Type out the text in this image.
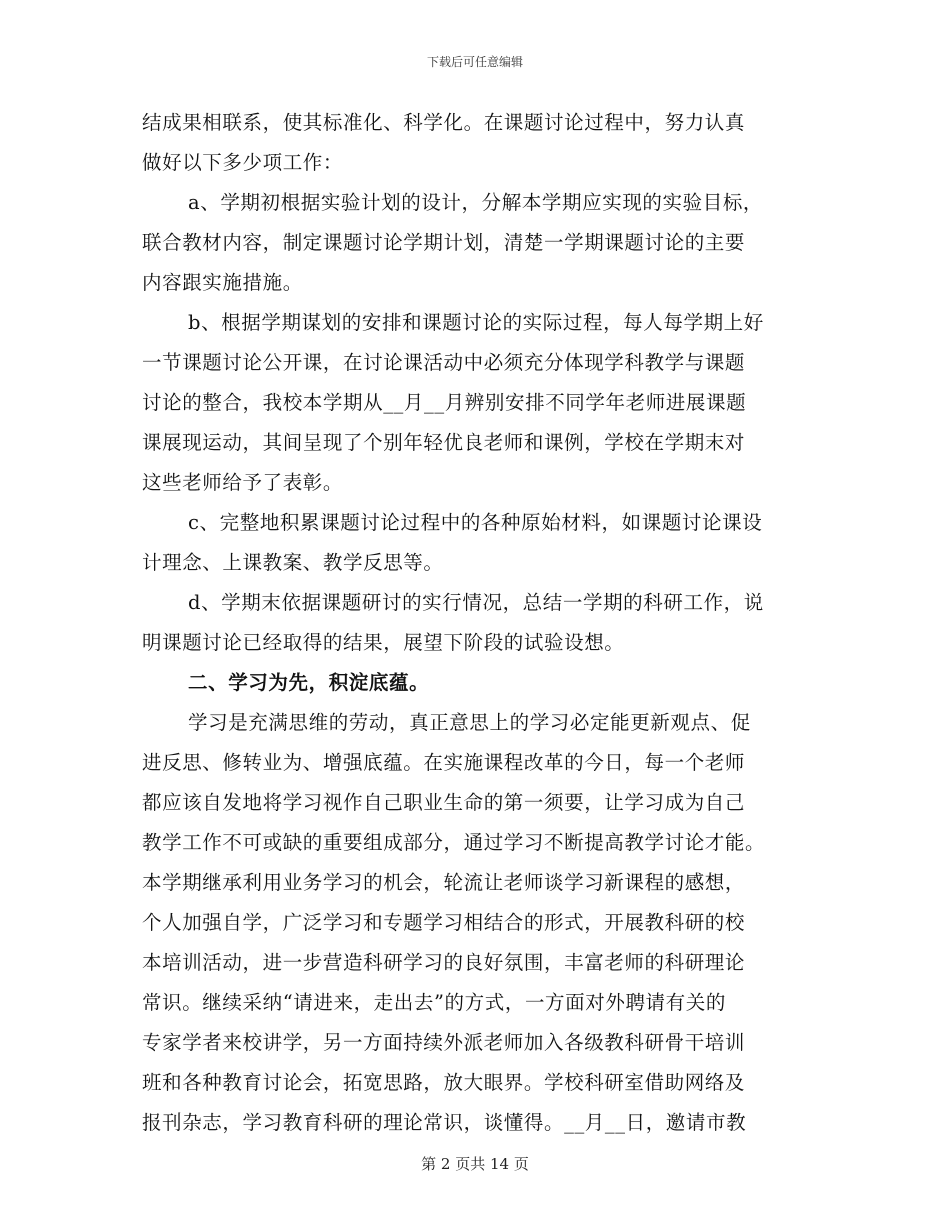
下载后可任意编辑
结成果相联系，使其标准化、科学化。在课题讨论过程中，努力认真
做好以下多少项工作：
a、学期初根据实验计划的设计，分解本学期应实现的实验目标，
联合教材内容，制定课题讨论学期计划，清楚一学期课题讨论的主要
内容跟实施措施。
b、根据学期谋划的安排和课题讨论的实际过程，每人每学期上好
一节课题讨论公开课，在讨论课活动中必须充分体现学科教学与课题
讨论的整合，我校本学期从__月__月辨别安排不同学年老师进展课题
课展现运动，其间呈现了个别年轻优良老师和课例，学校在学期末对
这些老师给予了表彰。
c、完整地积累课题讨论过程中的各种原始材料，如课题讨论课设
计理念、上课教案、教学反思等。
d、学期末依据课题研讨的实行情况，总结一学期的科研工作，说
明课题讨论已经取得的结果，展望下阶段的试验设想。
二、学习为先，积淀底蕴。
学习是充满思维的劳动，真正意思上的学习必定能更新观点、促
进反思、修转业为、增强底蕴。在实施课程改革的今日，每一个老师
都应该自发地将学习视作自己职业生命的第一须要，让学习成为自己
教学工作不可或缺的重要组成部分，通过学习不断提高教学讨论才能。
本学期继承利用业务学习的机会，轮流让老师谈学习新课程的感想，
个人加强自学，广泛学习和专题学习相结合的形式，开展教科研的校
本培训活动，进一步营造科研学习的良好氛围，丰富老师的科研理论
常识。继续采纳“请进来，走出去”的方式，一方面对外聘请有关的
专家学者来校讲学，另一方面持续外派老师加入各级教科研骨干培训
班和各种教育讨论会，拓宽思路，放大眼界。学校科研室借助网络及
报刊杂志，学习教育科研的理论常识，谈懂得。__月__日，邀请市教
第 2 页共 14 页
